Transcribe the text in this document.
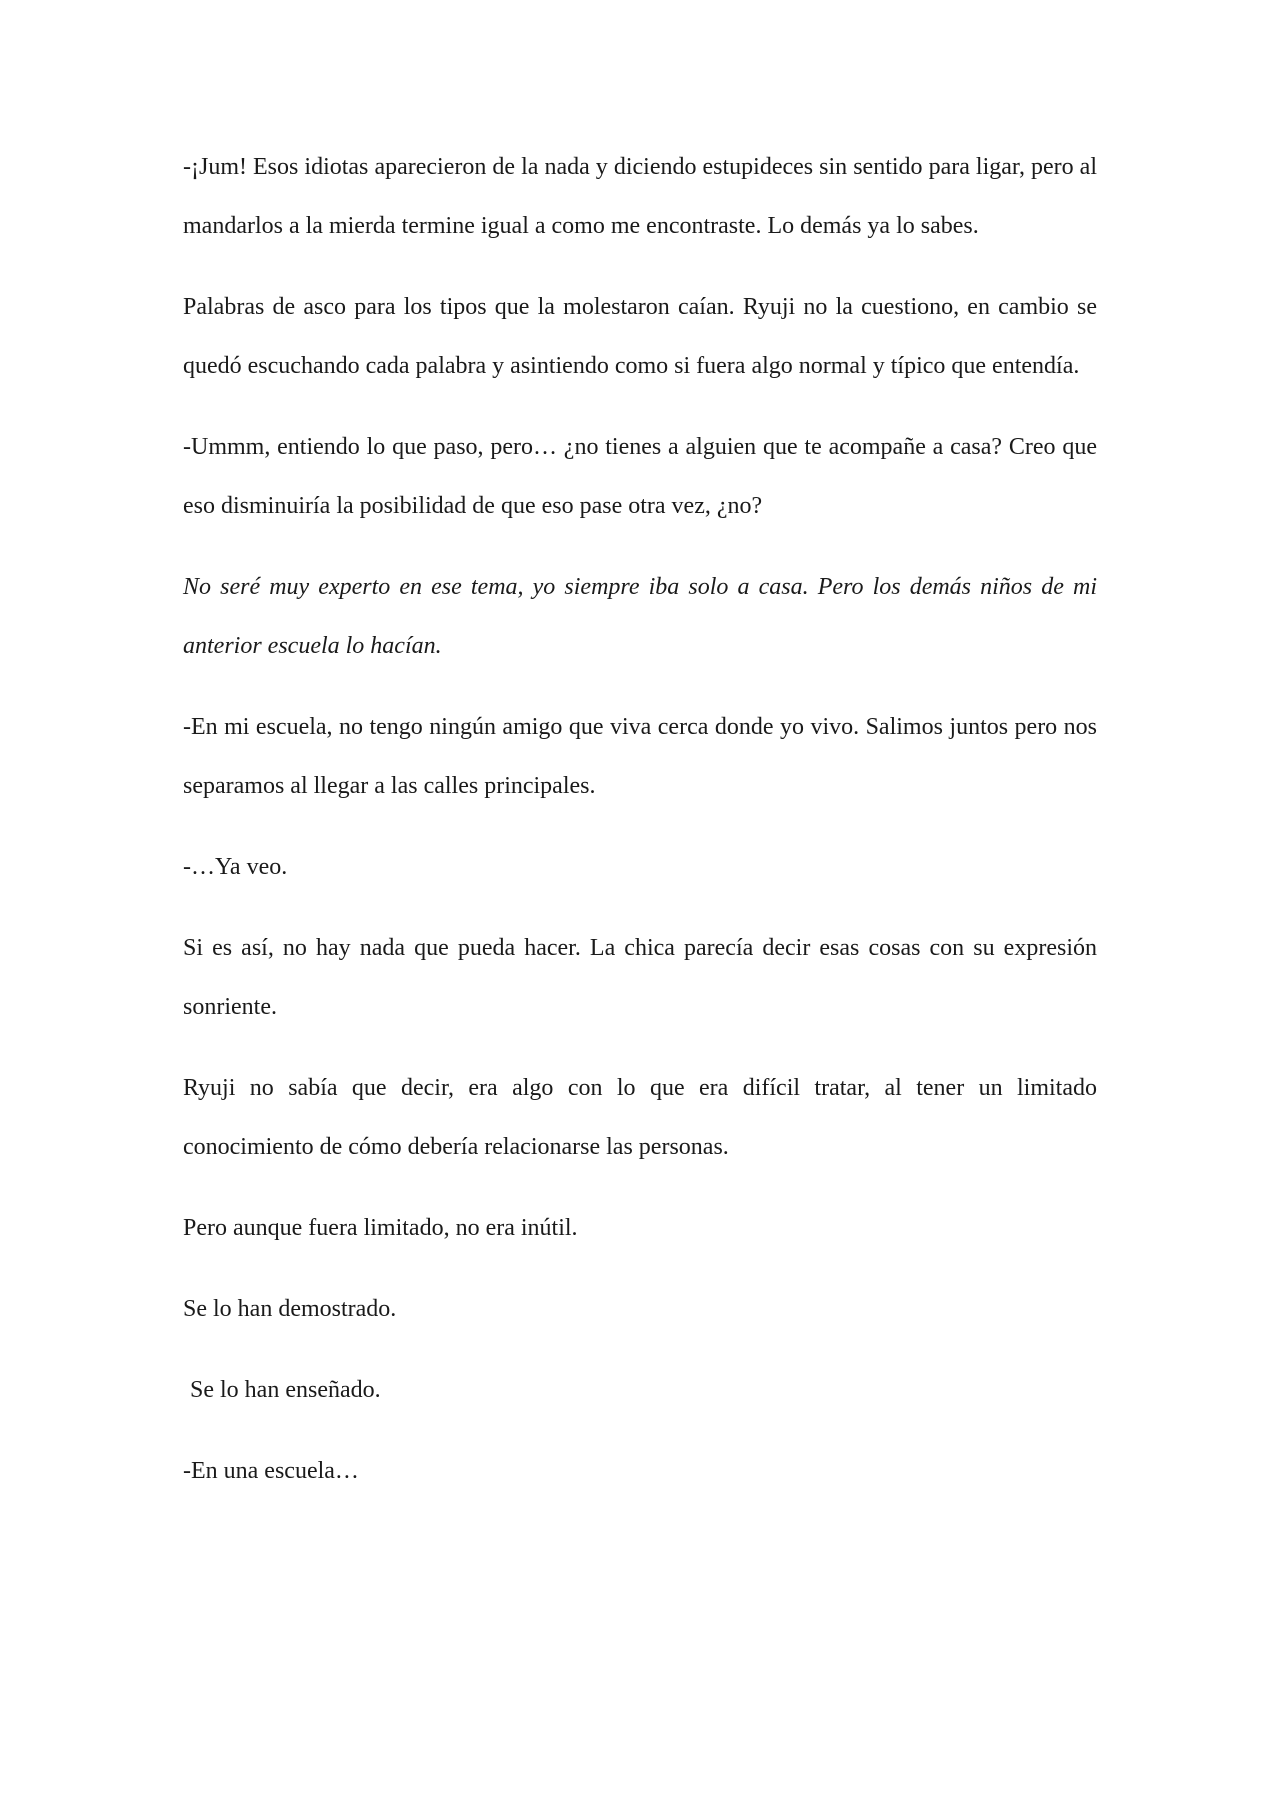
-¡Jum! Esos idiotas aparecieron de la nada y diciendo estupideces sin sentido para ligar, pero al mandarlos a la mierda termine igual a como me encontraste. Lo demás ya lo sabes.

Palabras de asco para los tipos que la molestaron caían. Ryuji no la cuestiono, en cambio se quedó escuchando cada palabra y asintiendo como si fuera algo normal y típico que entendía.

-Ummm, entiendo lo que paso, pero… ¿no tienes a alguien que te acompañe a casa? Creo que eso disminuiría la posibilidad de que eso pase otra vez, ¿no?

No seré muy experto en ese tema, yo siempre iba solo a casa. Pero los demás niños de mi anterior escuela lo hacían.

-En mi escuela, no tengo ningún amigo que viva cerca donde yo vivo. Salimos juntos pero nos separamos al llegar a las calles principales.

-…Ya veo.

Si es así, no hay nada que pueda hacer. La chica parecía decir esas cosas con su expresión sonriente.

Ryuji no sabía que decir, era algo con lo que era difícil tratar, al tener un limitado conocimiento de cómo debería relacionarse las personas.

Pero aunque fuera limitado, no era inútil.

Se lo han demostrado.

Se lo han enseñado.

-En una escuela…
